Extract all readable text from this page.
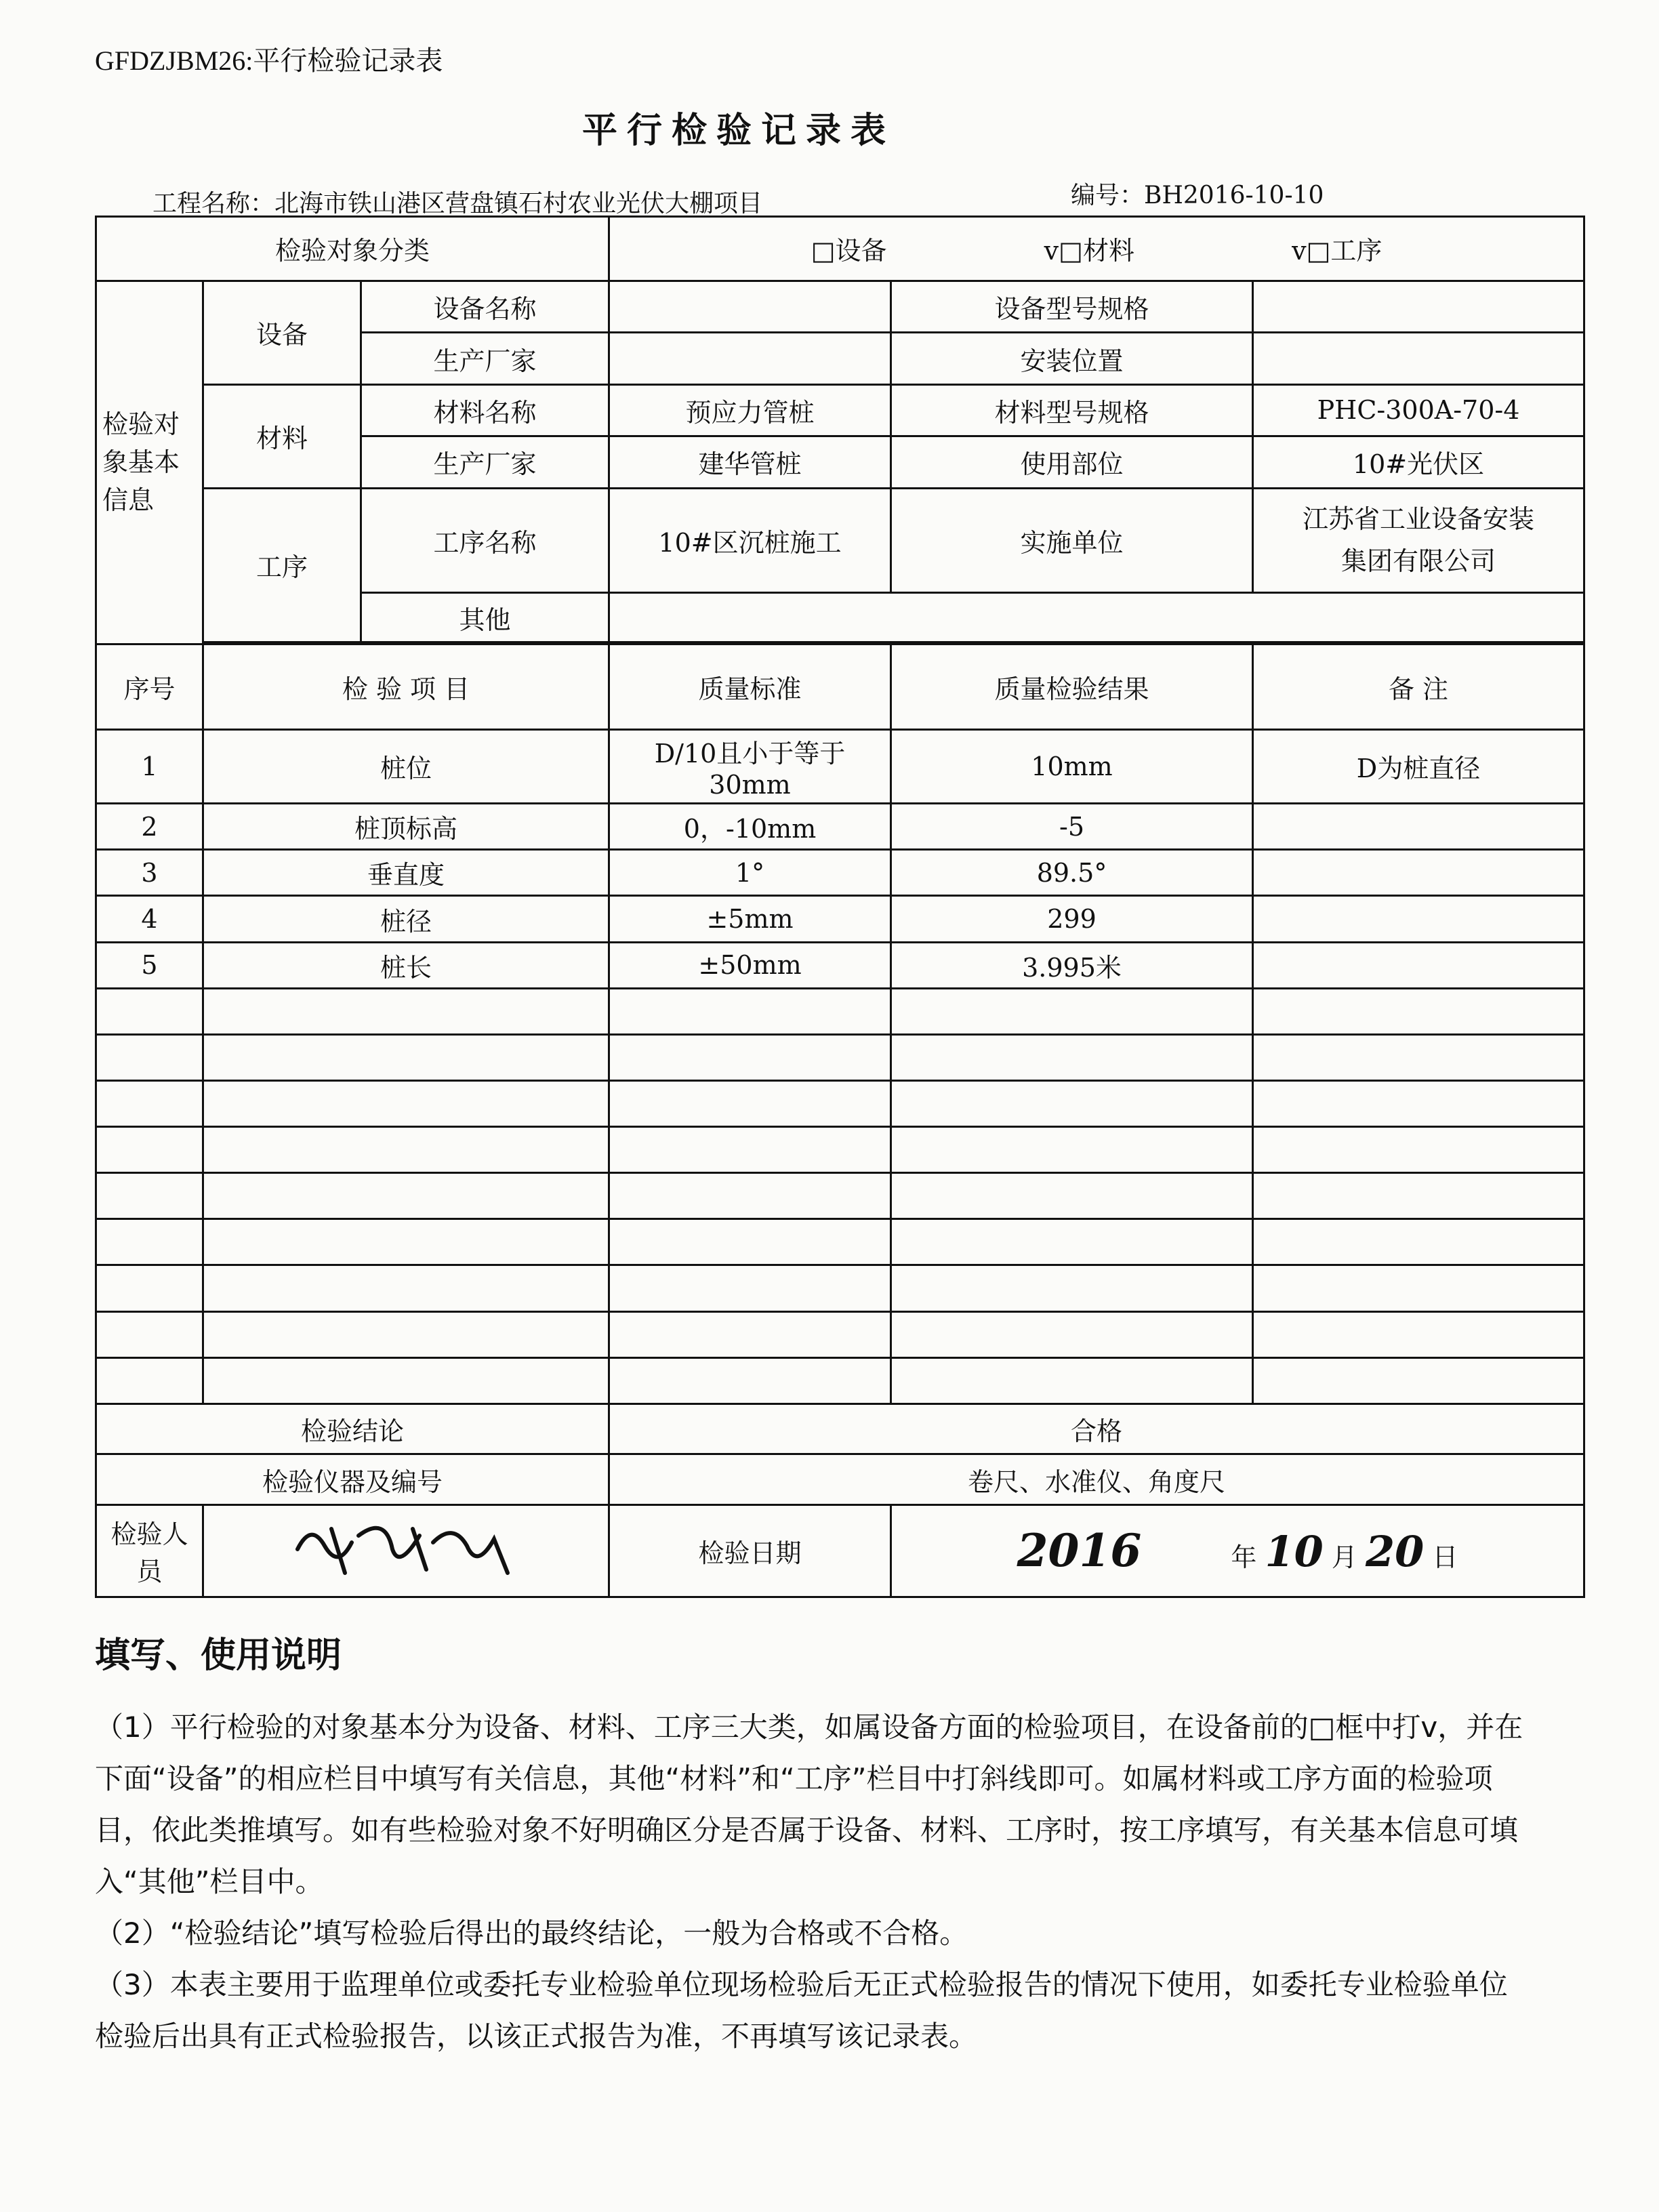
GFDZJBM26:平行检验记录表
平行检验记录表
工程名称：北海市铁山港区营盘镇石村农业光伏大棚项目	编号：BH2016-10-10
检验对象分类			□设备 v□材料 v□工序		
检验对象基本信息	设备	设备名称		设备型号规格	
		生产厂家		安装位置	
	材料	材料名称	预应力管桩	材料型号规格	PHC-300A-70-4
		生产厂家	建华管桩	使用部位	10#光伏区
	工序	工序名称	10#区沉桩施工	实施单位	江苏省工业设备安装
集团有限公司

		其他			

序号	检 验 项 目		质量标准	质量检验结果	备 注
1	桩位		D/10且小于等于30mm	10mm	D为桩直径
2	桩顶标高		0，-10mm	-5	
3	垂直度		1°	89.5°	
4	桩径		±5mm	299	
5	桩长		±50mm	3.995米	

检验结论			合格		
检验仪器及编号			卷尺、水准仪、角度尺		
检验人员			检验日期	2016 年 10 月 20 日	
填写、使用说明

（1）平行检验的对象基本分为设备、材料、工序三大类，如属设备方面的检验项目，在设备前的□框中打v，并在下面“设备”的相应栏目中填写有关信息，其他“材料”和“工序”栏目中打斜线即可。如属材料或工序方面的检验项目，依此类推填写。如有些检验对象不好明确区分是否属于设备、材料、工序时，按工序填写，有关基本信息可填入“其他”栏目中。

（2）“检验结论”填写检验后得出的最终结论，一般为合格或不合格。

（3）本表主要用于监理单位或委托专业检验单位现场检验后无正式检验报告的情况下使用，如委托专业检验单位检验后出具有正式检验报告，以该正式报告为准，不再填写该记录表。
